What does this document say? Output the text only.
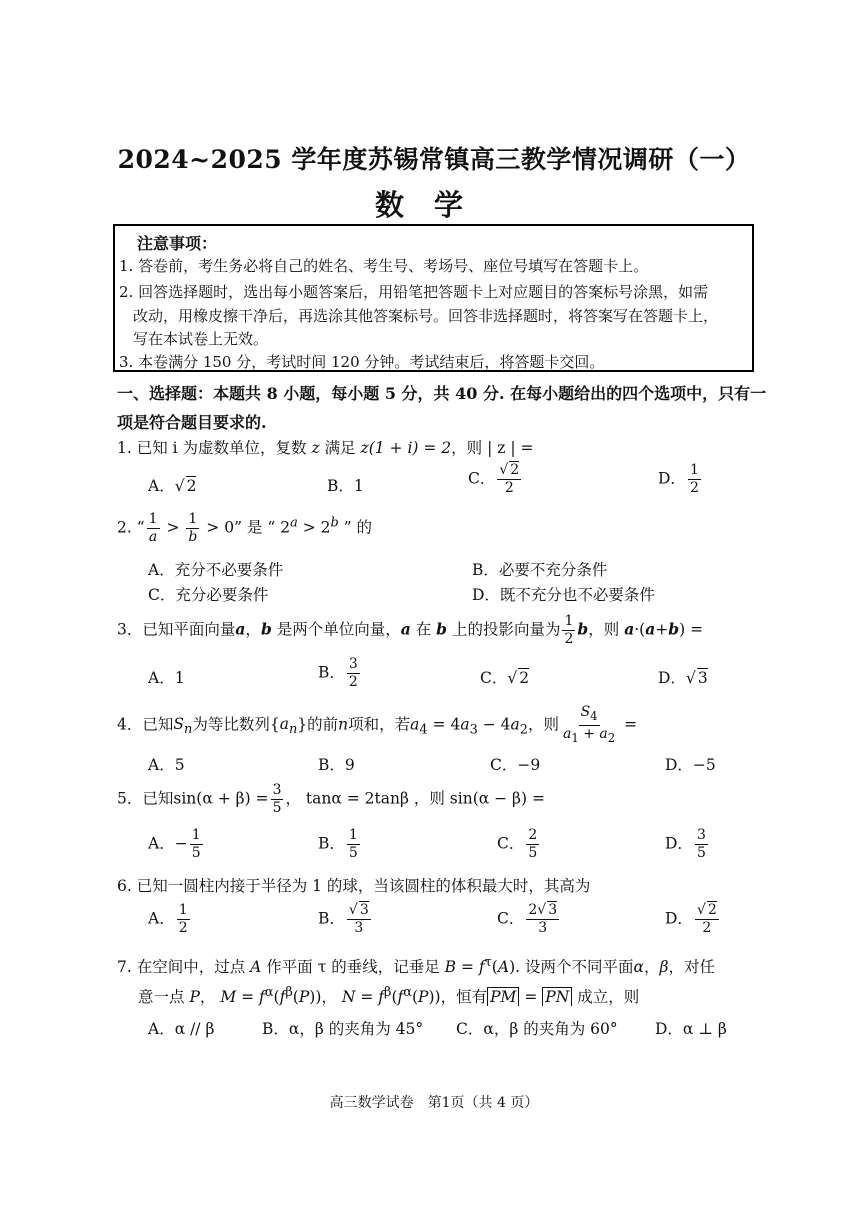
2024~2025 学年度苏锡常镇高三教学情况调研（一）
数学
注意事项：
1. 答卷前，考生务必将自己的姓名、考生号、考场号、座位号填写在答题卡上。
2. 回答选择题时，选出每小题答案后，用铅笔把答题卡上对应题目的答案标号涂黑，如需
改动，用橡皮擦干净后，再选涂其他答案标号。回答非选择题时，将答案写在答题卡上，
写在本试卷上无效。
3. 本卷满分 150 分，考试时间 120 分钟。考试结束后，将答题卡交回。
一、选择题：本题共 8 小题，每小题 5 分，共 40 分. 在每小题给出的四个选项中，只有一
项是符合题目要求的.
1. 已知 i 为虚数单位，复数 z 满足 z(1 + i) = 2，则 | z | =
A．√ 2	B．1	C． $\frac{√ 2}{2}$	D． $\frac{1}{2}$
2. “ $\frac{1}{a} > \frac{1}{b} > 0$” 是 “ $2^a > 2^b$ ” 的
A．充分不必要条件	B．必要不充分条件
C．充分必要条件	D．既不充分也不必要条件
3．已知平面向量a，b 是两个单位向量，a 在 b 上的投影向量为 $\frac{1}{2}$ b，则 a·(a+b) =
A．1	B． $\frac{3}{2}$	C．√ 2	D．√ 3
4．已知$S_n$为等比数列$\{a_n\}$的前n项和，若$a_4 = 4a_3 - 4a_2$，则 $\frac{S_4}{a_1 + a_2}$ =
A．5	B．9	C．−9	D．−5
5．已知$\sin(\alpha + \beta) = \frac{3}{5}$ ， tanα = 2tanβ ，则 sin(α − β) =
A．− $\frac{1}{5}$	B． $\frac{1}{5}$	C． $\frac{2}{5}$	D． $\frac{3}{5}$
6. 已知一圆柱内接于半径为 1 的球，当该圆柱的体积最大时，其高为
A． $\frac{1}{2}$	B． $\frac{√ 3}{3}$	C． $\frac{2√ 3}{3}$	D． $\frac{√ 2}{2}$
7. 在空间中，过点 A 作平面 τ 的垂线，记垂足 $B = f^\tau(A)$. 设两个不同平面α，β，对任
意一点 P， $M = f^\alpha(f^\beta(P))$， $N = f^\beta(f^\alpha(P))$，恒有 PM = PN 成立，则
A．α // β	B．α，β 的夹角为 45° C．α，β 的夹角为 60° D．α ⊥ β
高三数学试卷　第1页（共 4 页）
